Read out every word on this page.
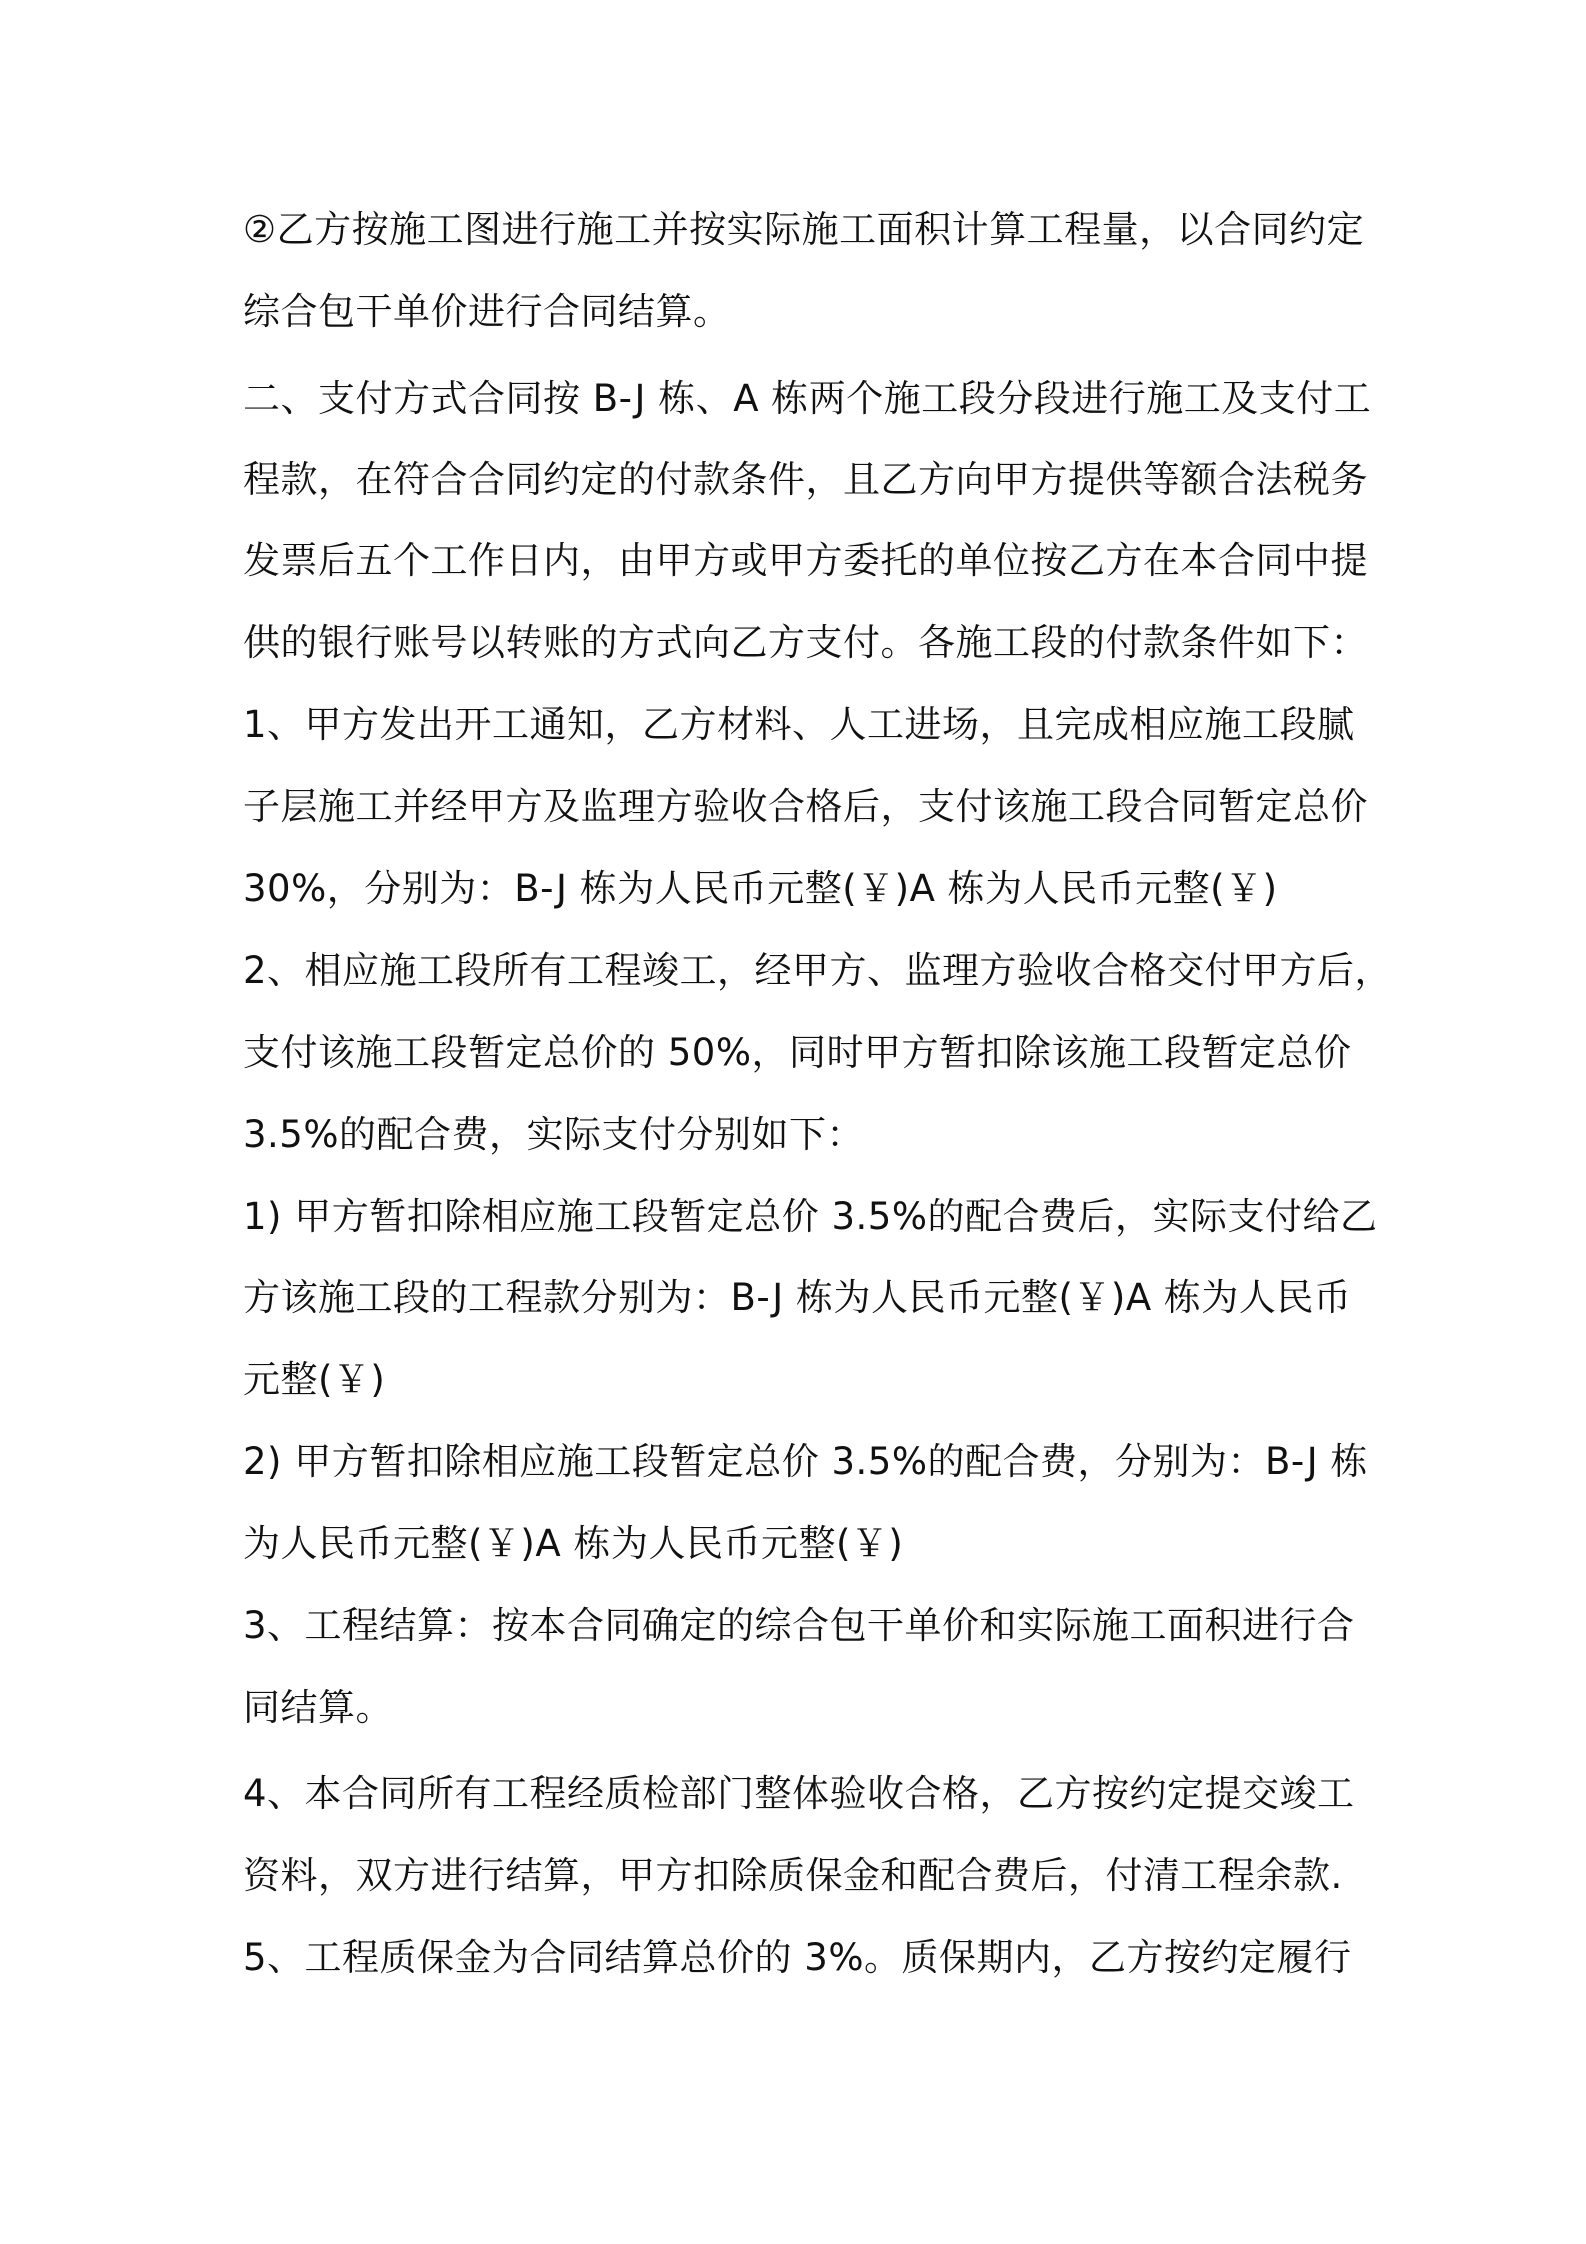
②乙方按施工图进行施工并按实际施工面积计算工程量，以合同约定
综合包干单价进行合同结算。
二、支付方式合同按 B-J 栋、A 栋两个施工段分段进行施工及支付工
程款，在符合合同约定的付款条件，且乙方向甲方提供等额合法税务
发票后五个工作日内，由甲方或甲方委托的单位按乙方在本合同中提
供的银行账号以转账的方式向乙方支付。各施工段的付款条件如下：
1、甲方发出开工通知，乙方材料、人工进场，且完成相应施工段腻
子层施工并经甲方及监理方验收合格后，支付该施工段合同暂定总价
30%，分别为：B-J 栋为人民币元整(￥)A 栋为人民币元整(￥)
2、相应施工段所有工程竣工，经甲方、监理方验收合格交付甲方后，
支付该施工段暂定总价的 50%，同时甲方暂扣除该施工段暂定总价
3.5%的配合费，实际支付分别如下：
1) 甲方暂扣除相应施工段暂定总价 3.5%的配合费后，实际支付给乙
方该施工段的工程款分别为：B-J 栋为人民币元整(￥)A 栋为人民币
元整(￥)
2) 甲方暂扣除相应施工段暂定总价 3.5%的配合费，分别为：B-J 栋
为人民币元整(￥)A 栋为人民币元整(￥)
3、工程结算：按本合同确定的综合包干单价和实际施工面积进行合
同结算。
4、本合同所有工程经质检部门整体验收合格，乙方按约定提交竣工
资料，双方进行结算，甲方扣除质保金和配合费后，付清工程余款.
5、工程质保金为合同结算总价的 3%。质保期内，乙方按约定履行
